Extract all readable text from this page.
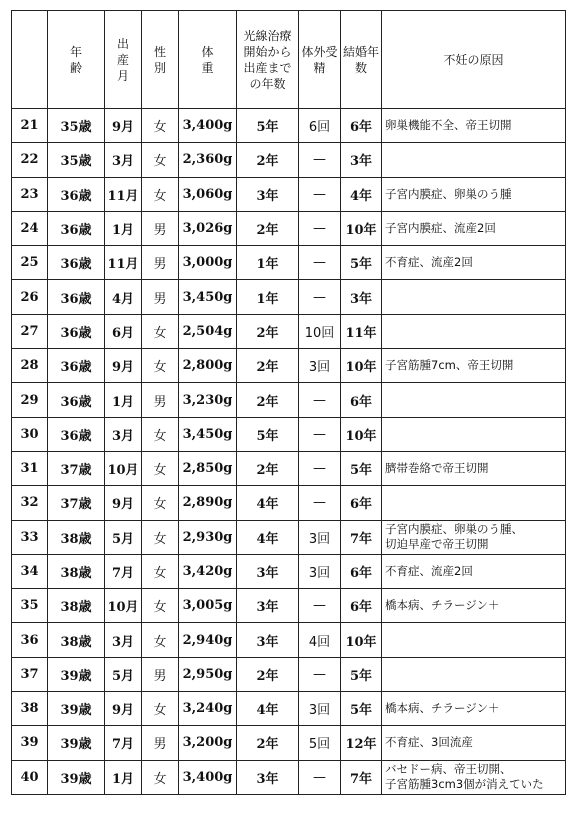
	年齢	出産月	性別	体重	光線治療開始から出産までの年数	体外受精	結婚年数	不妊の原因
21	35歳	9月	女	3,400g	5年	6回	6年	卵巣機能不全、帝王切開
22	35歳	3月	女	2,360g	2年	—	3年	
23	36歳	11月	女	3,060g	3年	—	4年	子宮内膜症、卵巣のう腫
24	36歳	1月	男	3,026g	2年	—	10年	子宮内膜症、流産2回
25	36歳	11月	男	3,000g	1年	—	5年	不育症、流産2回
26	36歳	4月	男	3,450g	1年	—	3年	
27	36歳	6月	女	2,504g	2年	10回	11年	
28	36歳	9月	女	2,800g	2年	3回	10年	子宮筋腫7cm、帝王切開
29	36歳	1月	男	3,230g	2年	—	6年	
30	36歳	3月	女	3,450g	5年	—	10年	
31	37歳	10月	女	2,850g	2年	—	5年	臍帯巻絡で帝王切開
32	37歳	9月	女	2,890g	4年	—	6年	
33	38歳	5月	女	2,930g	4年	3回	7年	子宮内膜症、卵巣のう腫、
切迫早産で帝王切開
34	38歳	7月	女	3,420g	3年	3回	6年	不育症、流産2回
35	38歳	10月	女	3,005g	3年	—	6年	橋本病、チラージン＋
36	38歳	3月	女	2,940g	3年	4回	10年	
37	39歳	5月	男	2,950g	2年	—	5年	
38	39歳	9月	女	3,240g	4年	3回	5年	橋本病、チラージン＋
39	39歳	7月	男	3,200g	2年	5回	12年	不育症、3回流産
40	39歳	1月	女	3,400g	3年	—	7年	バセドー病、帝王切開、
子宮筋腫3cm3個が消えていた
